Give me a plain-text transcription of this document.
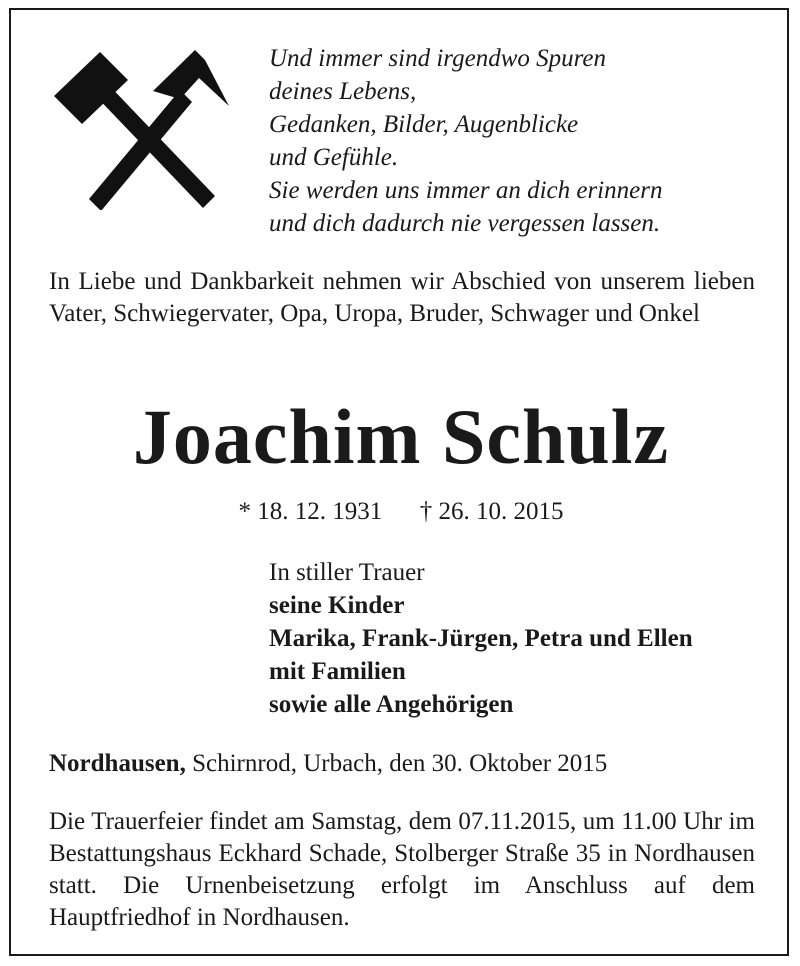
Und immer sind irgendwo Spuren
deines Lebens,
Gedanken, Bilder, Augenblicke
und Gefühle.
Sie werden uns immer an dich erinnern
und dich dadurch nie vergessen lassen.

In Liebe und Dankbarkeit nehmen wir Abschied von unserem lieben Vater, Schwiegervater, Opa, Uropa, Bruder, Schwager und Onkel

Joachim Schulz

* 18. 12. 1931 † 26. 10. 2015

In stiller Trauer
seine Kinder
Marika, Frank-Jürgen, Petra und Ellen
mit Familien
sowie alle Angehörigen

Nordhausen, Schirnrod, Urbach, den 30. Oktober 2015

Die Trauerfeier findet am Samstag, dem 07.11.2015, um 11.00 Uhr im Bestattungshaus Eckhard Schade, Stolberger Straße 35 in Nordhausen statt. Die Urnenbeisetzung erfolgt im Anschluss auf dem Hauptfriedhof in Nordhausen.
